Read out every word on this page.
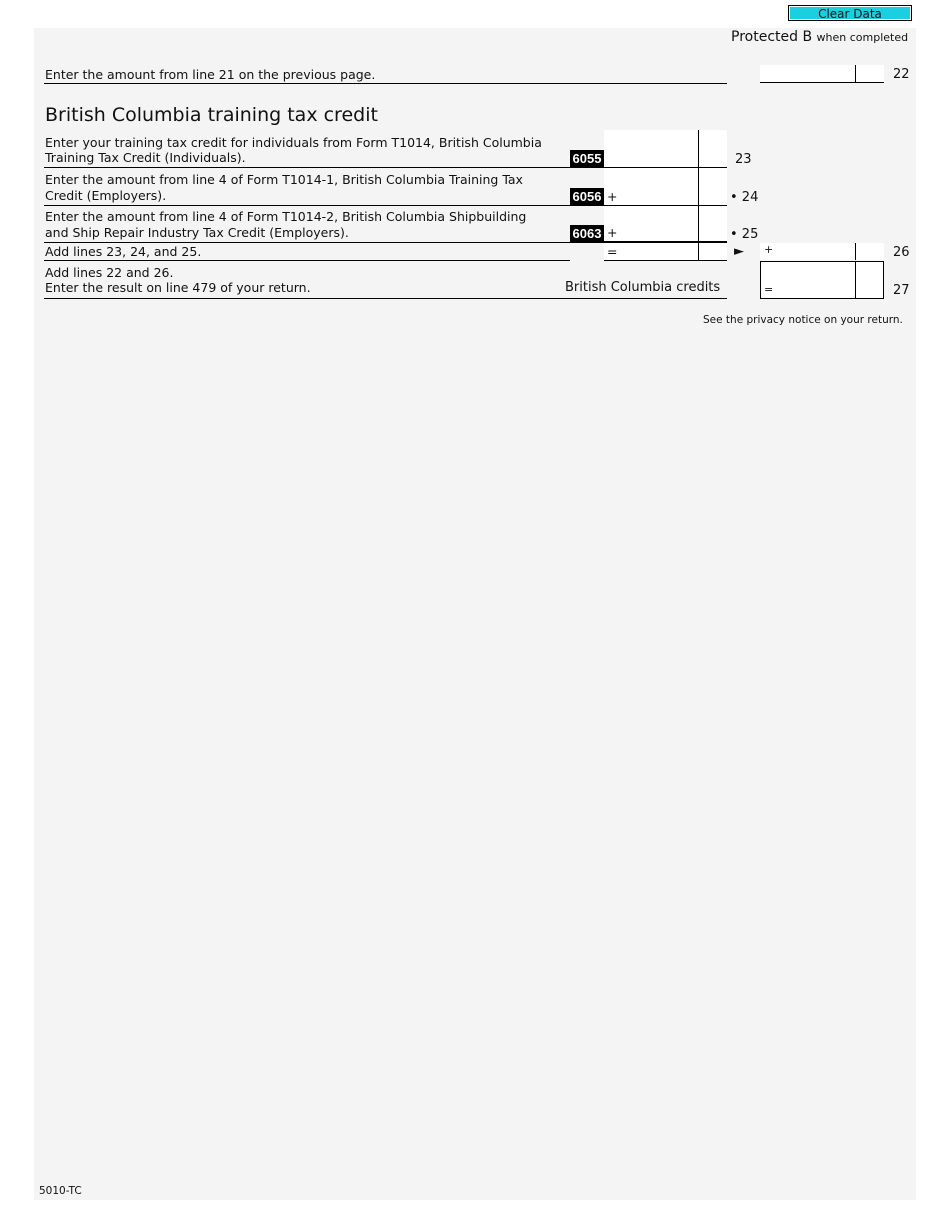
Clear Data
Protected B when completed
Enter the amount from line 21 on the previous page.	22
British Columbia training tax credit
Enter your training tax credit for individuals from Form T1014, British Columbia
Training Tax Credit (Individuals).	6055	23
Enter the amount from line 4 of Form T1014-1, British Columbia Training Tax
Credit (Employers).	6056 +	• 24
Enter the amount from line 4 of Form T1014-2, British Columbia Shipbuilding
and Ship Repair Industry Tax Credit (Employers).	6063 +	• 25
Add lines 23, 24, and 25.	=	► +	26
Add lines 22 and 26.
Enter the result on line 479 of your return.	British Columbia credits	=	27
See the privacy notice on your return.
5010-TC
